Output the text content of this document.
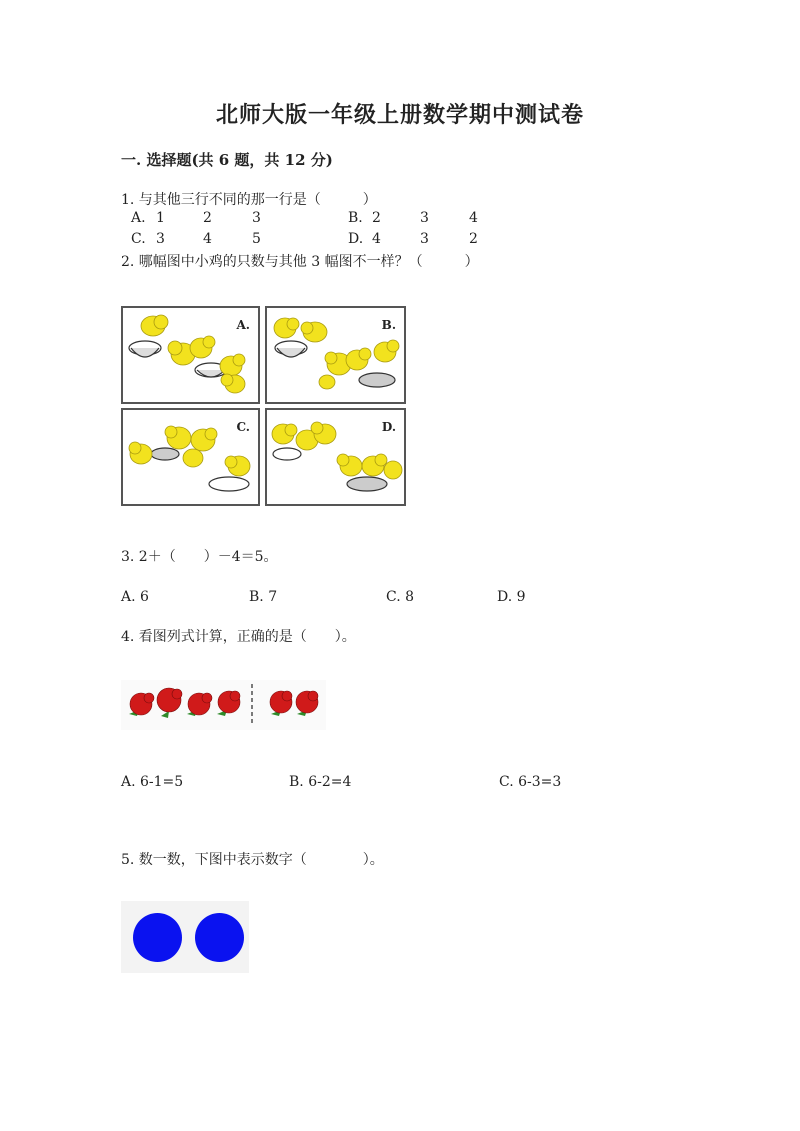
北师大版一年级上册数学期中测试卷
一. 选择题(共 6 题，共 12 分)
1. 与其他三行不同的那一行是（　　　）
A. 1	2	3	B. 2	3	4
C. 3	4	5	D. 4	3	2
2. 哪幅图中小鸡的只数与其他 3 幅图不一样？（　　　）
A.	B.
C.	D.
3. 2＋（　　）－4＝5。
A. 6	B. 7	C. 8	D. 9
4. 看图列式计算，正确的是（　　）。
A. 6-1=5	B. 6-2=4	C. 6-3=3
5. 数一数，下图中表示数字（　　　　）。
